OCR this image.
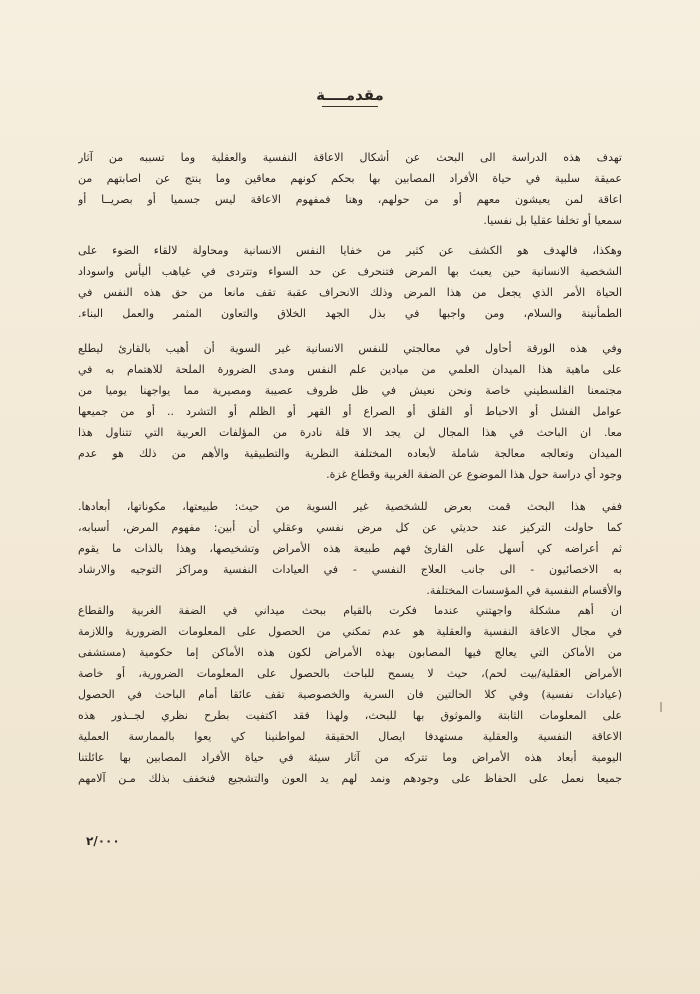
مقدمــــة
تهدف هذه الدراسة الى البحث عن أشكال الاعاقة النفسية والعقلية وما تسببه من آثار
عميقة سلبية في حياة الأفراد المصابين بها بحكم كونهم معاقين وما ينتج عن اصابتهم من
اعاقة لمن يعيشون معهم أو من حولهم، وهنا فمفهوم الاعاقة ليس جسميا أو بصريــا أو
سمعيا أو تخلفا عقليا بل نفسيا.
وهكذا، فالهدف هو الكشف عن كثير من خفايا النفس الانسانية ومحاولة لالقاء الضوء على
الشخصية الانسانية حين يعبث بها المرض فتنحرف عن حد السواء وتتردى في غياهب اليأس واسوداد
الحياة الأمر الذي يجعل من هذا المرض وذلك الانحراف عقبة تقف مانعا من حق هذه النفس في
الطمأنينة والسلام، ومن واجبها في بذل الجهد الخلاق والتعاون المثمر والعمل البناء.
وفي هذه الورقة أحاول في معالجتي للنفس الانسانية غير السوية أن أهيب بالقارئ ليطلع
على ماهية هذا الميدان العلمي من ميادين علم النفس ومدى الضرورة الملحة للاهتمام به في
مجتمعنا الفلسطيني خاصة ونحن نعيش في ظل ظروف عصيبة ومصيرية مما يواجهنا يوميا من
عوامل الفشل أو الاحباط أو القلق أو الصراع أو القهر أو الظلم أو التشرد .. أو من جميعها
معا. ان الباحث في هذا المجال لن يجد الا قلة نادرة من المؤلفات العربية التي تتناول هذا
الميدان وتعالجه معالجة شاملة لأبعاده المختلفة النظرية والتطبيقية والأهم من ذلك هو عدم
وجود أي دراسة حول هذا الموضوع عن الضفة الغربية وقطاع غزة.
ففي هذا البحث قمت بعرض للشخصية غير السوية من حيث: طبيعتها، مكوناتها، أبعادها.
كما حاولت التركيز عند حديثي عن كل مرض نفسي وعقلي أن أبين: مفهوم المرض، أسبابه،
ثم أعراضه كي أسهل على القارئ فهم طبيعة هذه الأمراض وتشخيصها، وهذا بالذات ما يقوم
به الاخصائيون - الى جانب العلاج النفسي - في العيادات النفسية ومراكز التوجيه والارشاد
والأقسام النفسية في المؤسسات المختلفة.
ان أهم مشكلة واجهتني عندما فكرت بالقيام ببحث ميداني في الضفة الغربية والقطاع
في مجال الاعاقة النفسية والعقلية هو عدم تمكني من الحصول على المعلومات الضرورية واللازمة
من الأماكن التي يعالج فيها المصابون بهذه الأمراض لكون هذه الأماكن إما حكومية (مستشفى
الأمراض العقلية/بيت لحم)، حيث لا يسمح للباحث بالحصول على المعلومات الضرورية، أو خاصة
(عيادات نفسية) وفي كلا الحالتين فان السرية والخصوصية تقف عائقا أمام الباحث في الحصول
على المعلومات الثابتة والموثوق بها للبحث، ولهذا فقد اكتفيت بطرح نظري لجــذور هذه
الاعاقة النفسية والعقلية مستهدفا ايصال الحقيقة لمواطنينا كي يعوا بالممارسة العملية
اليومية أبعاد هذه الأمراض وما تتركه من آثار سيئة في حياة الأفراد المصابين بها عائلتنا
جميعا نعمل على الحفاظ على وجودهم ونمد لهم يد العون والتشجيع فنخفف بذلك مـن آلامهم
٢/٠٠٠
